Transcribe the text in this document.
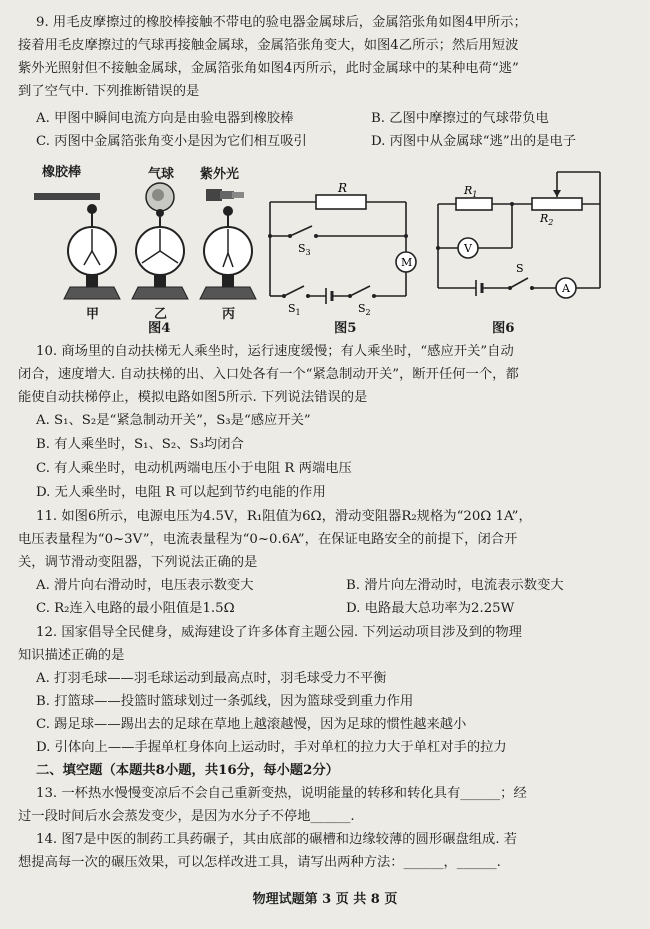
9. 用毛皮摩擦过的橡胶棒接触不带电的验电器金属球后，金属箔张角如图4甲所示；
接着用毛皮摩擦过的气球再接触金属球，金属箔张角变大，如图4乙所示；然后用短波
紫外光照射但不接触金属球，金属箔张角如图4丙所示，此时金属球中的某种电荷“逃”
到了空气中. 下列推断错误的是
A. 甲图中瞬间电流方向是由验电器到橡胶棒	B. 乙图中摩擦过的气球带负电
C. 丙图中金属箔张角变小是因为它们相互吸引	D. 丙图中从金属球“逃”出的是电子
橡胶棒	气球 紫外光
甲	乙	丙
图4
R
$S_3$
M
$S_1$	$S_2$
图5
$R_1$
$R_2$
V
A
S
图6
10. 商场里的自动扶梯无人乘坐时，运行速度缓慢；有人乘坐时，“感应开关”自动
闭合，速度增大. 自动扶梯的出、入口处各有一个“紧急制动开关”，断开任何一个，都
能使自动扶梯停止，模拟电路如图5所示. 下列说法错误的是
A. S₁、S₂是“紧急制动开关”，S₃是“感应开关”
B. 有人乘坐时，S₁、S₂、S₃均闭合
C. 有人乘坐时，电动机两端电压小于电阻 R 两端电压
D. 无人乘坐时，电阻 R 可以起到节约电能的作用
11. 如图6所示，电源电压为4.5V，R₁阻值为6Ω，滑动变阻器R₂规格为“20Ω 1A”，
电压表量程为“0~3V”，电流表量程为“0~0.6A”，在保证电路安全的前提下，闭合开
关，调节滑动变阻器，下列说法正确的是
A. 滑片向右滑动时，电压表示数变大	B. 滑片向左滑动时，电流表示数变大
C. R₂连入电路的最小阻值是1.5Ω	D. 电路最大总功率为2.25W
12. 国家倡导全民健身，威海建设了许多体育主题公园. 下列运动项目涉及到的物理
知识描述正确的是
A. 打羽毛球——羽毛球运动到最高点时，羽毛球受力不平衡
B. 打篮球——投篮时篮球划过一条弧线，因为篮球受到重力作用
C. 踢足球——踢出去的足球在草地上越滚越慢，因为足球的惯性越来越小
D. 引体向上——手握单杠身体向上运动时，手对单杠的拉力大于单杠对手的拉力
二、填空题（本题共8小题，共16分，每小题2分）
13. 一杯热水慢慢变凉后不会自己重新变热，说明能量的转移和转化具有______；经
过一段时间后水会蒸发变少，是因为水分子不停地______.
14. 图7是中医的制药工具药碾子，其由底部的碾槽和边缘较薄的圆形碾盘组成. 若
想提高每一次的碾压效果，可以怎样改进工具，请写出两种方法：______，______.
物理试题第 3 页 共 8 页
